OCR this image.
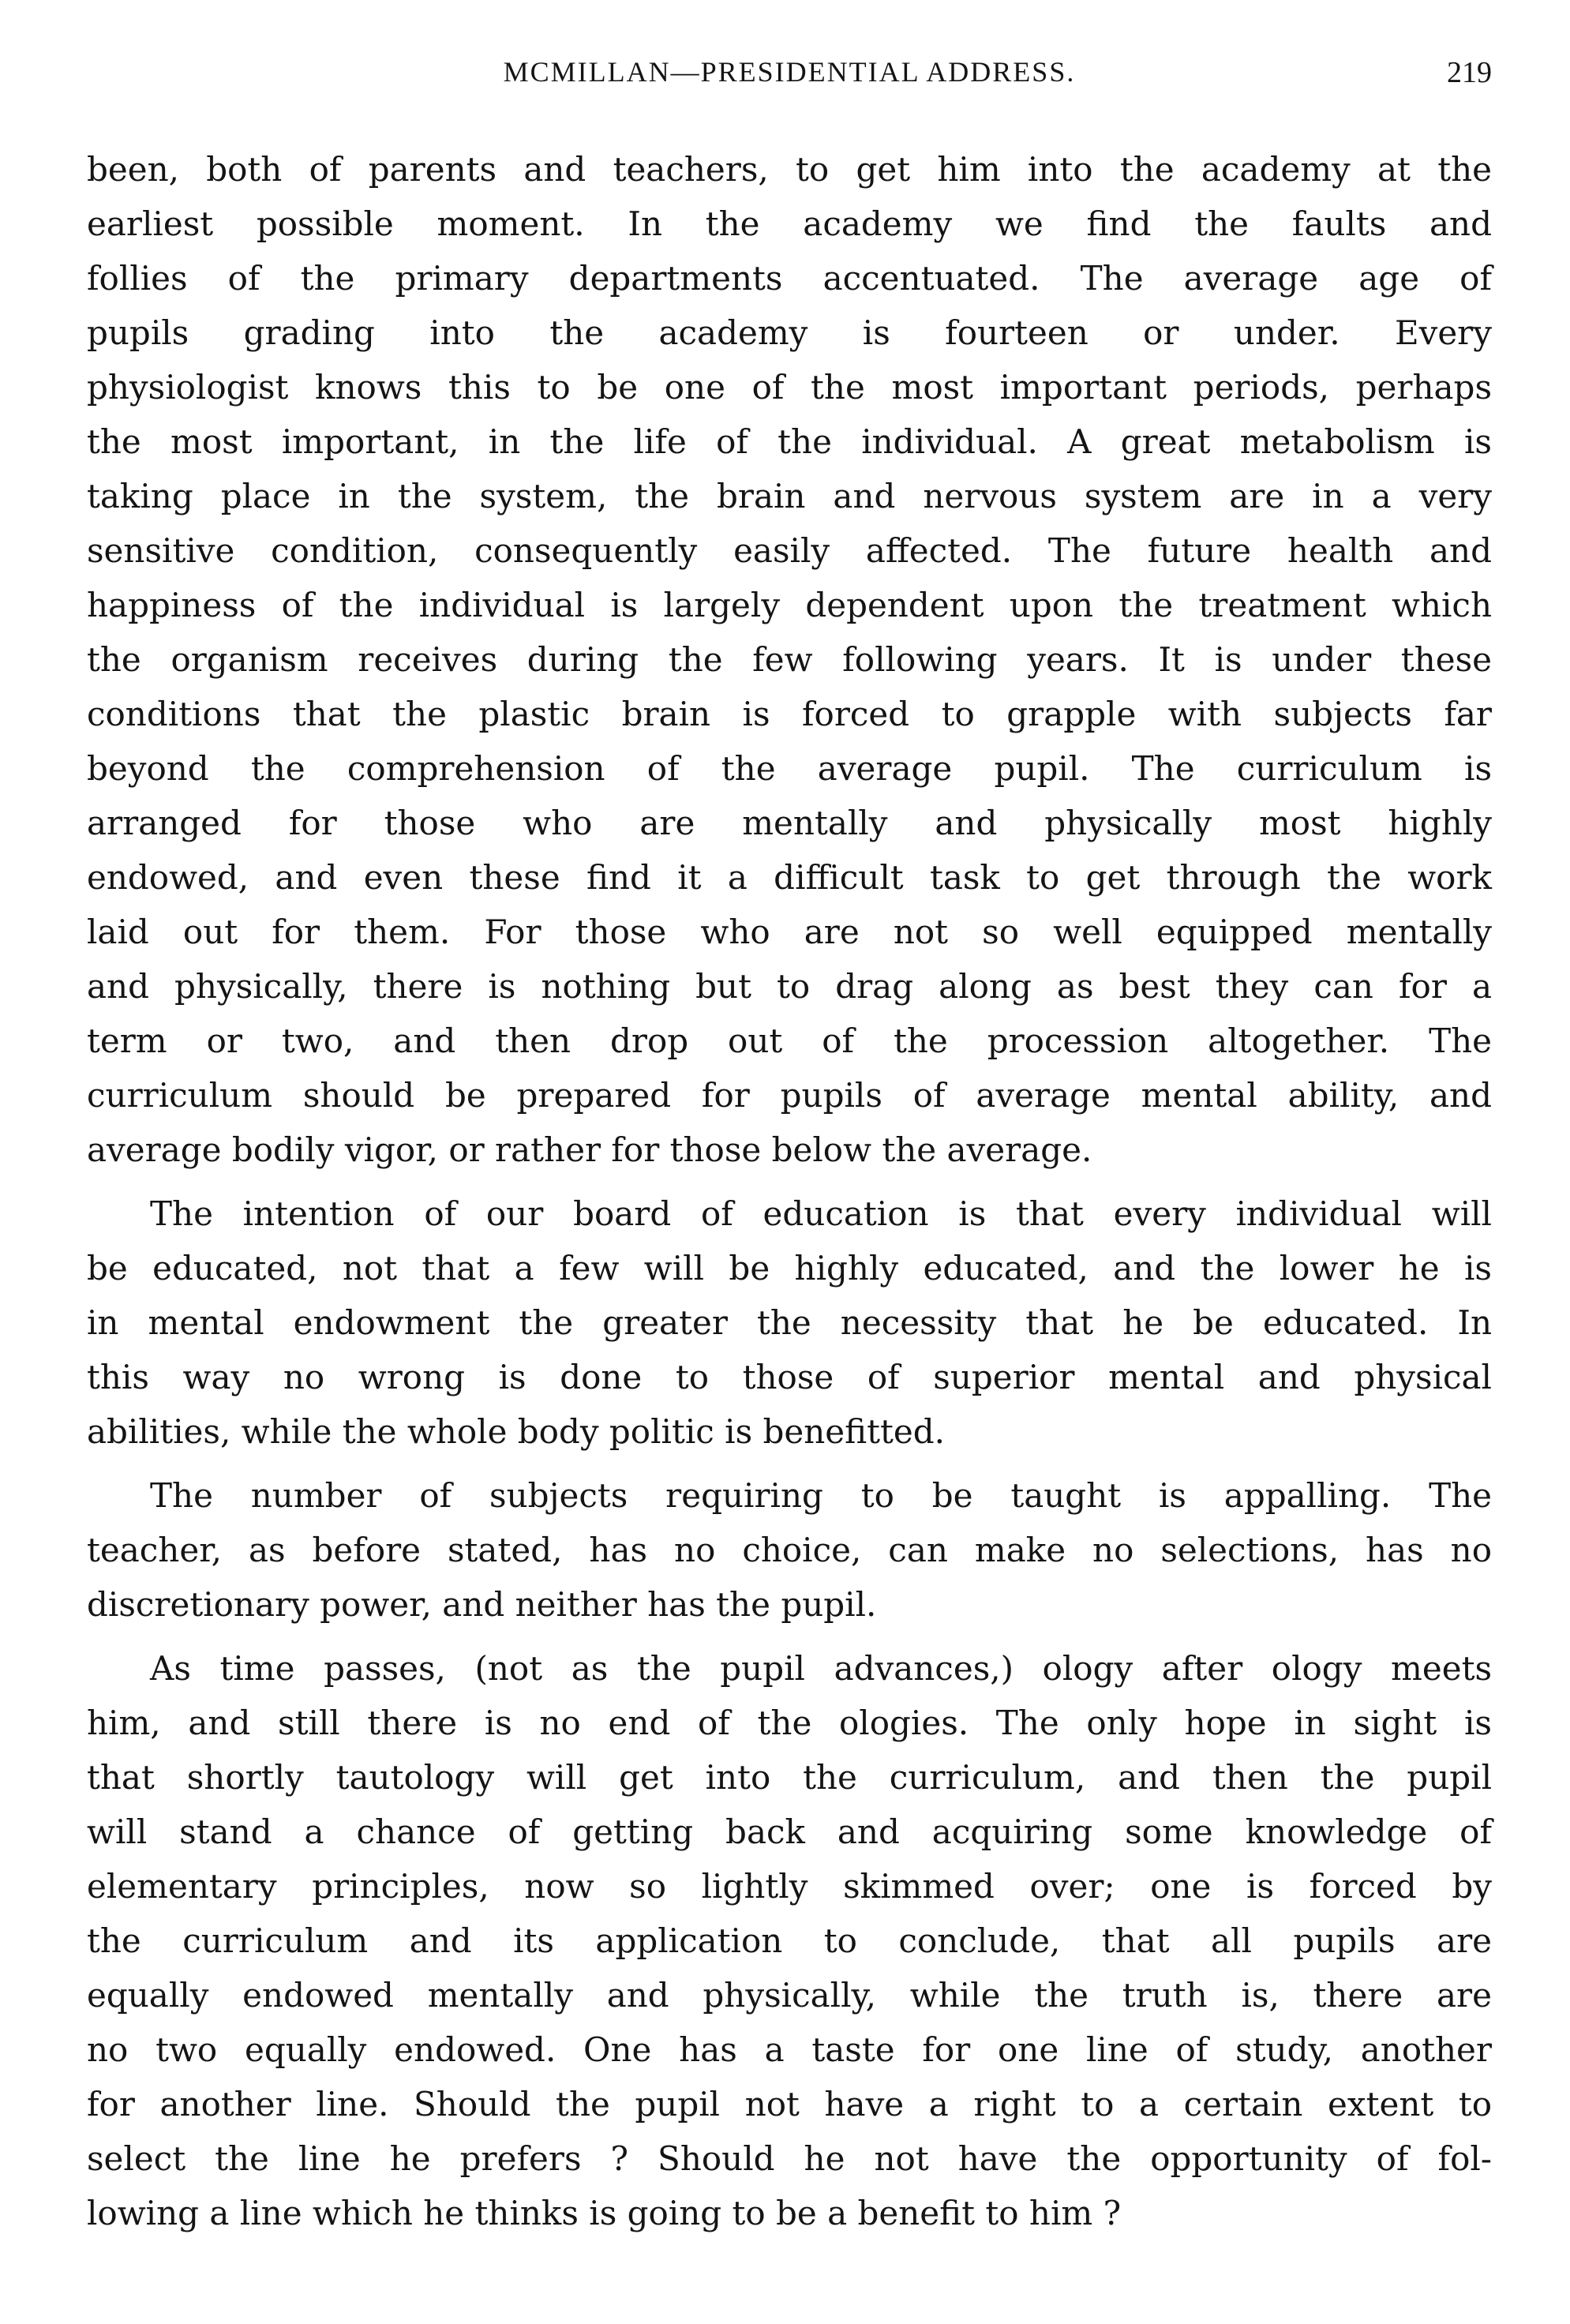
MCMILLAN—PRESIDENTIAL ADDRESS.	219

been, both of parents and teachers, to get him into the academy at the
earliest possible moment. In the academy we find the faults and
follies of the primary departments accentuated. The average age of
pupils grading into the academy is fourteen or under. Every
physiologist knows this to be one of the most important periods, perhaps
the most important, in the life of the individual. A great metabolism is
taking place in the system, the brain and nervous system are in a very
sensitive condition, consequently easily affected. The future health and
happiness of the individual is largely dependent upon the treatment which
the organism receives during the few following years. It is under these
conditions that the plastic brain is forced to grapple with subjects far
beyond the comprehension of the average pupil. The curriculum is
arranged for those who are mentally and physically most highly
endowed, and even these find it a difficult task to get through the work
laid out for them. For those who are not so well equipped mentally
and physically, there is nothing but to drag along as best they can for a
term or two, and then drop out of the procession altogether. The
curriculum should be prepared for pupils of average mental ability, and
average bodily vigor, or rather for those below the average.

The intention of our board of education is that every individual will
be educated, not that a few will be highly educated, and the lower he is
in mental endowment the greater the necessity that he be educated. In
this way no wrong is done to those of superior mental and physical
abilities, while the whole body politic is benefitted.

The number of subjects requiring to be taught is appalling. The
teacher, as before stated, has no choice, can make no selections, has no
discretionary power, and neither has the pupil.

As time passes, (not as the pupil advances,) ology after ology meets
him, and still there is no end of the ologies. The only hope in sight is
that shortly tautology will get into the curriculum, and then the pupil
will stand a chance of getting back and acquiring some knowledge of
elementary principles, now so lightly skimmed over; one is forced by
the curriculum and its application to conclude, that all pupils are
equally endowed mentally and physically, while the truth is, there are
no two equally endowed. One has a taste for one line of study, another
for another line. Should the pupil not have a right to a certain extent to
select the line he prefers ? Should he not have the opportunity of fol-
lowing a line which he thinks is going to be a benefit to him ?
